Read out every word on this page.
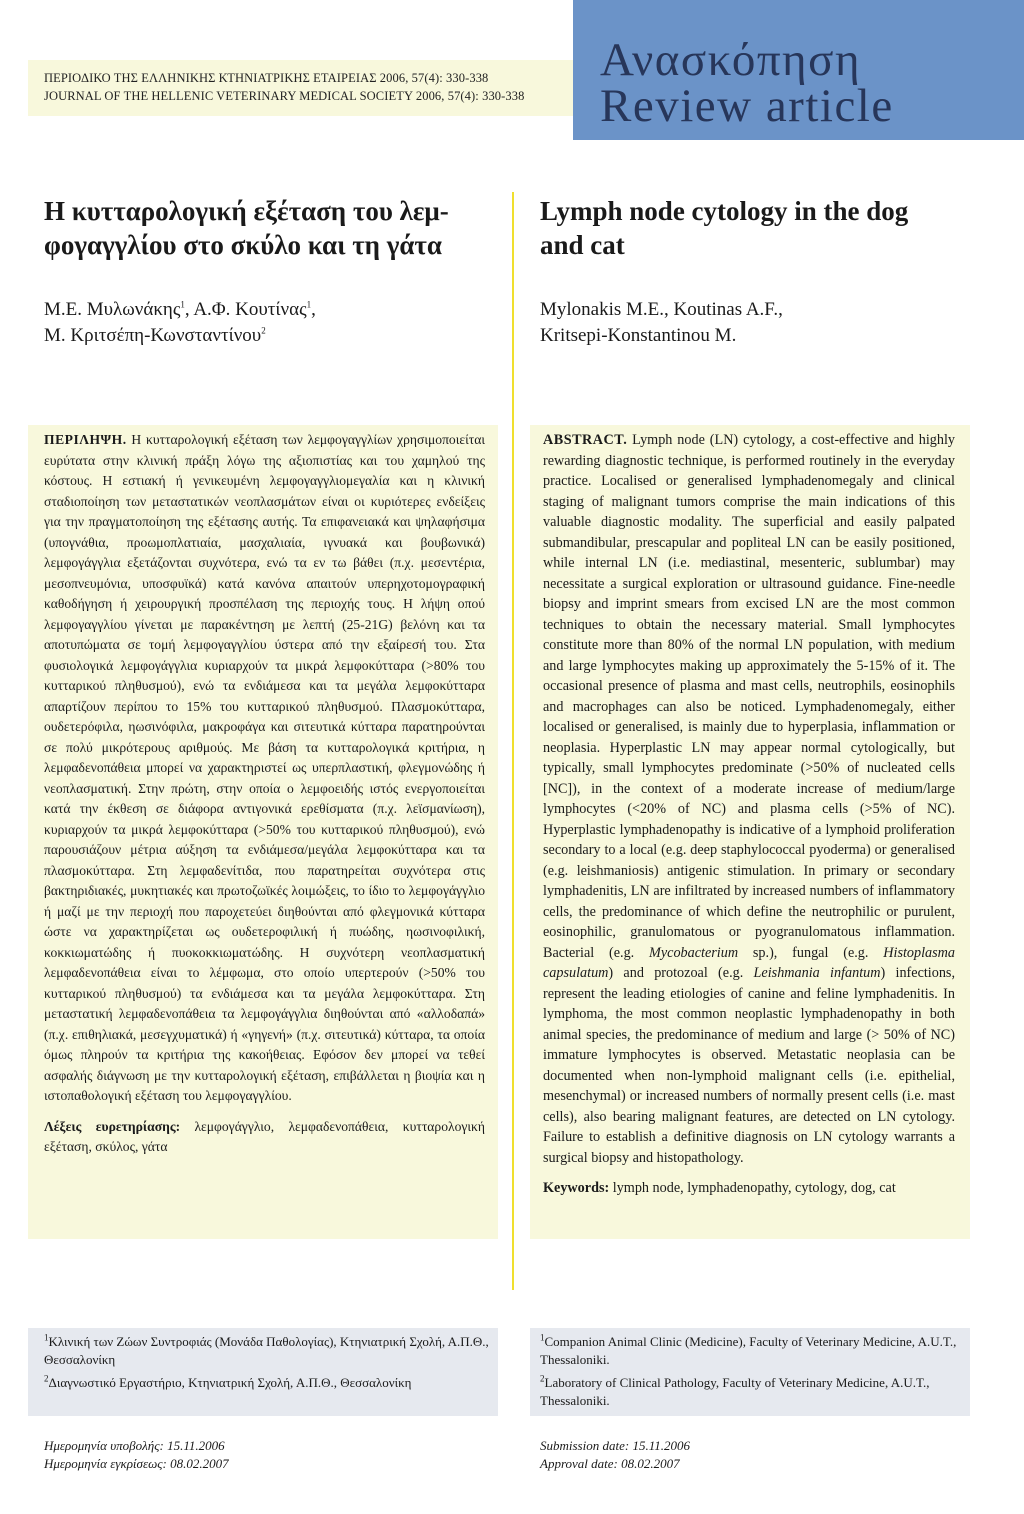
ΠΕΡΙΟΔΙΚΟ ΤΗΣ ΕΛΛΗΝΙΚΗΣ ΚΤΗΝΙΑΤΡΙΚΗΣ ΕΤΑΙΡΕΙΑΣ 2006, 57(4): 330-338
JOURNAL OF THE HELLENIC VETERINARY MEDICAL SOCIETY 2006, 57(4): 330-338
Ανασκόπηση
Review article
Η κυτταρολογική εξέταση του λεμ-
φογαγγλίου στο σκύλο και τη γάτα
Lymph node cytology in the dog
and cat
Μ.Ε. Μυλωνάκης$^1$, Α.Φ. Κουτίνας$^1$,
Μ. Κριτσέπη-Κωνσταντίνου$^2$
Mylonakis M.E., Koutinas A.F.,
Kritsepi-Konstantinou M.

ΠΕΡΙΛΗΨΗ. Η κυτταρολογική εξέταση των λεμφογαγγλίων χρησιμοποιείται ευρύτατα στην κλινική πράξη λόγω της αξιοπιστίας και του χαμηλού της κόστους. Η εστιακή ή γενικευμένη λεμφογαγγλιομεγαλία και η κλινική σταδιοποίηση των μεταστατικών νεοπλασμάτων είναι οι κυριότερες ενδείξεις για την πραγματοποίηση της εξέτασης αυτής. Τα επιφανειακά και ψηλαφήσιμα (υπογνάθια, προωμοπλατιαία, μασχαλιαία, ιγνυακά και βουβωνικά) λεμφογάγγλια εξετάζονται συχνότερα, ενώ τα εν τω βάθει (π.χ. μεσεντέρια, μεσοπνευμόνια, υποσφυϊκά) κατά κανόνα απαιτούν υπερηχοτομογραφική καθοδήγηση ή χειρουργική προσπέλαση της περιοχής τους. Η λήψη οπού λεμφογαγγλίου γίνεται με παρακέντηση με λεπτή (25-21G) βελόνη και τα αποτυπώματα σε τομή λεμφογαγγλίου ύστερα από την εξαίρεσή του. Στα φυσιολογικά λεμφογάγγλια κυριαρχούν τα μικρά λεμφοκύτταρα (>80% του κυτταρικού πληθυσμού), ενώ τα ενδιάμεσα και τα μεγάλα λεμφοκύτταρα απαρτίζουν περίπου το 15% του κυτταρικού πληθυσμού. Πλασμοκύτταρα, ουδετερόφιλα, ηωσινόφιλα, μακροφάγα και σιτευτικά κύτταρα παρατηρούνται σε πολύ μικρότερους αριθμούς. Με βάση τα κυτταρολογικά κριτήρια, η λεμφαδενοπάθεια μπορεί να χαρακτηριστεί ως υπερπλαστική, φλεγμονώδης ή νεοπλασματική. Στην πρώτη, στην οποία ο λεμφοειδής ιστός ενεργοποιείται κατά την έκθεση σε διάφορα αντιγονικά ερεθίσματα (π.χ. λεϊσμανίωση), κυριαρχούν τα μικρά λεμφοκύτταρα (>50% του κυτταρικού πληθυσμού), ενώ παρουσιάζουν μέτρια αύξηση τα ενδιάμεσα/μεγάλα λεμφοκύτταρα και τα πλασμοκύτταρα. Στη λεμφαδενίτιδα, που παρατηρείται συχνότερα στις βακτηριδιακές, μυκητιακές και πρωτοζωϊκές λοιμώξεις, το ίδιο το λεμφογάγγλιο ή μαζί με την περιοχή που παροχετεύει διηθούνται από φλεγμονικά κύτταρα ώστε να χαρακτηρίζεται ως ουδετεροφιλική ή πυώδης, ηωσινοφιλική, κοκκιωματώδης ή πυοκοκκιωματώδης. Η συχνότερη νεοπλασματική λεμφαδενοπάθεια είναι το λέμφωμα, στο οποίο υπερτερούν (>50% του κυτταρικού πληθυσμού) τα ενδιάμεσα και τα μεγάλα λεμφοκύτταρα. Στη μεταστατική λεμφαδενοπάθεια τα λεμφογάγγλια διηθούνται από «αλλοδαπά» (π.χ. επιθηλιακά, μεσεγχυματικά) ή «γηγενή» (π.χ. σιτευτικά) κύτταρα, τα οποία όμως πληρούν τα κριτήρια της κακοήθειας. Εφόσον δεν μπορεί να τεθεί ασφαλής διάγνωση με την κυτταρολογική εξέταση, επιβάλλεται η βιοψία και η ιστοπαθολογική εξέταση του λεμφογαγγλίου.

Λέξεις ευρετηρίασης: λεμφογάγγλιο, λεμφαδενοπάθεια, κυτταρολογική εξέταση, σκύλος, γάτα

ABSTRACT. Lymph node (LN) cytology, a cost-effective and highly rewarding diagnostic technique, is performed routinely in the everyday practice. Localised or generalised lymphadenomegaly and clinical staging of malignant tumors comprise the main indications of this valuable diagnostic modality. The superficial and easily palpated submandibular, prescapular and popliteal LN can be easily positioned, while internal LN (i.e. mediastinal, mesenteric, sublumbar) may necessitate a surgical exploration or ultrasound guidance. Fine-needle biopsy and imprint smears from excised LN are the most common techniques to obtain the necessary material. Small lymphocytes constitute more than 80% of the normal LN population, with medium and large lymphocytes making up approximately the 5-15% of it. The occasional presence of plasma and mast cells, neutrophils, eosinophils and macrophages can also be noticed. Lymphadenomegaly, either localised or generalised, is mainly due to hyperplasia, inflammation or neoplasia. Hyperplastic LN may appear normal cytologically, but typically, small lymphocytes predominate (>50% of nucleated cells [NC]), in the context of a moderate increase of medium/large lymphocytes (<20% of NC) and plasma cells (>5% of NC). Hyperplastic lymphadenopathy is indicative of a lymphoid proliferation secondary to a local (e.g. deep staphylococcal pyoderma) or generalised (e.g. leishmaniosis) antigenic stimulation. In primary or secondary lymphadenitis, LN are infiltrated by increased numbers of inflammatory cells, the predominance of which define the neutrophilic or purulent, eosinophilic, granulomatous or pyogranulomatous inflammation. Bacterial (e.g. Mycobacterium sp.), fungal (e.g. Histoplasma capsulatum) and protozoal (e.g. Leishmania infantum) infections, represent the leading etiologies of canine and feline lymphadenitis. In lymphoma, the most common neoplastic lymphadenopathy in both animal species, the predominance of medium and large (> 50% of NC) immature lymphocytes is observed. Metastatic neoplasia can be documented when non-lymphoid malignant cells (i.e. epithelial, mesenchymal) or increased numbers of normally present cells (i.e. mast cells), also bearing malignant features, are detected on LN cytology. Failure to establish a definitive diagnosis on LN cytology warrants a surgical biopsy and histopathology.

Keywords: lymph node, lymphadenopathy, cytology, dog, cat

$^1$Κλινική των Ζώων Συντροφιάς (Μονάδα Παθολογίας), Κτηνιατρική Σχολή, Α.Π.Θ., Θεσσαλονίκη

$^2$Διαγνωστικό Εργαστήριο, Κτηνιατρική Σχολή, Α.Π.Θ., Θεσσαλονίκη

$^1$Companion Animal Clinic (Medicine), Faculty of Veterinary Medicine, A.U.T., Thessaloniki.

$^2$Laboratory of Clinical Pathology, Faculty of Veterinary Medicine, A.U.T., Thessaloniki.

Ημερομηνία υποβολής: 15.11.2006
Ημερομηνία εγκρίσεως: 08.02.2007
Submission date: 15.11.2006
Approval date: 08.02.2007
